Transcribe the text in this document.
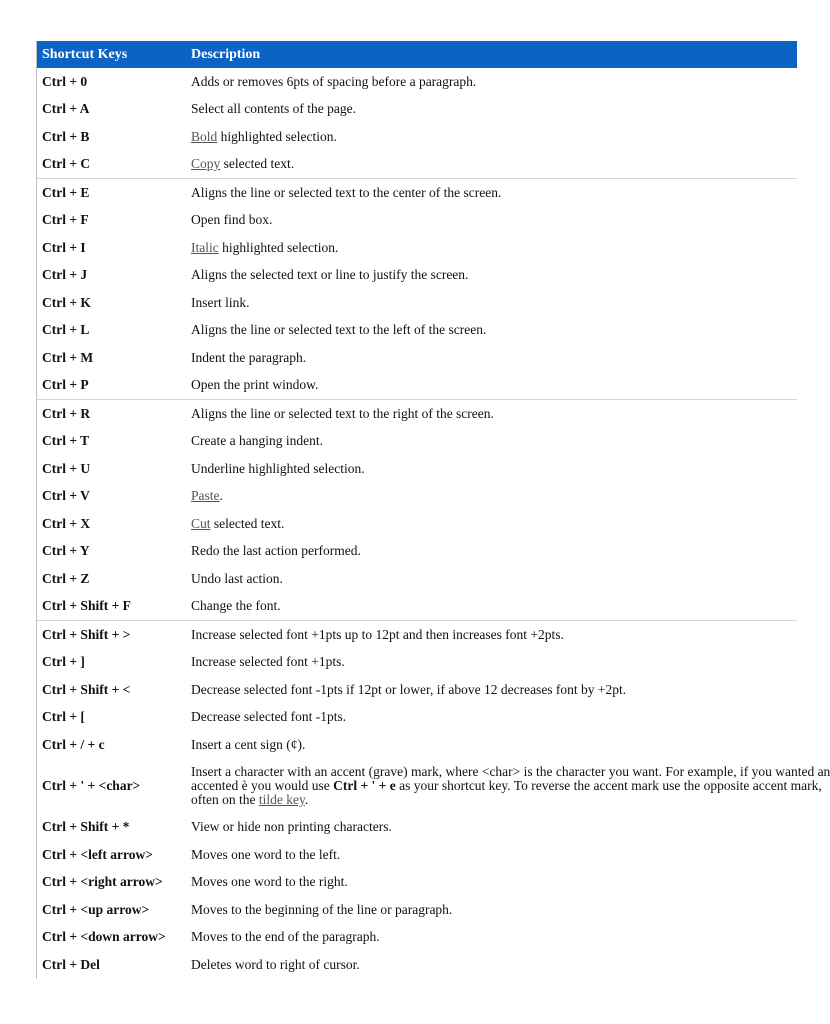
Shortcut Keys	Description
Ctrl + 0	Adds or removes 6pts of spacing before a paragraph.
Ctrl + A	Select all contents of the page.
Ctrl + B	Bold highlighted selection.
Ctrl + C	Copy selected text.
Ctrl + E	Aligns the line or selected text to the center of the screen.
Ctrl + F	Open find box.
Ctrl + I	Italic highlighted selection.
Ctrl + J	Aligns the selected text or line to justify the screen.
Ctrl + K	Insert link.
Ctrl + L	Aligns the line or selected text to the left of the screen.
Ctrl + M	Indent the paragraph.
Ctrl + P	Open the print window.
Ctrl + R	Aligns the line or selected text to the right of the screen.
Ctrl + T	Create a hanging indent.
Ctrl + U	Underline highlighted selection.
Ctrl + V	Paste.
Ctrl + X	Cut selected text.
Ctrl + Y	Redo the last action performed.
Ctrl + Z	Undo last action.
Ctrl + Shift + F	Change the font.
Ctrl + Shift + >	Increase selected font +1pts up to 12pt and then increases font +2pts.
Ctrl + ]	Increase selected font +1pts.
Ctrl + Shift + <	Decrease selected font -1pts if 12pt or lower, if above 12 decreases font by +2pt.
Ctrl + [	Decrease selected font -1pts.
Ctrl + / + c	Insert a cent sign (¢).
Ctrl + ' + <char>	Insert a character with an accent (grave) mark, where <char> is the character you want. For example, if you wanted an
accented è you would use Ctrl + ' + e as your shortcut key. To reverse the accent mark use the opposite accent mark,
often on the tilde key.

Ctrl + Shift + *	View or hide non printing characters.
Ctrl + <left arrow>	Moves one word to the left.
Ctrl + <right arrow>	Moves one word to the right.
Ctrl + <up arrow>	Moves to the beginning of the line or paragraph.
Ctrl + <down arrow>	Moves to the end of the paragraph.
Ctrl + Del	Deletes word to right of cursor.
